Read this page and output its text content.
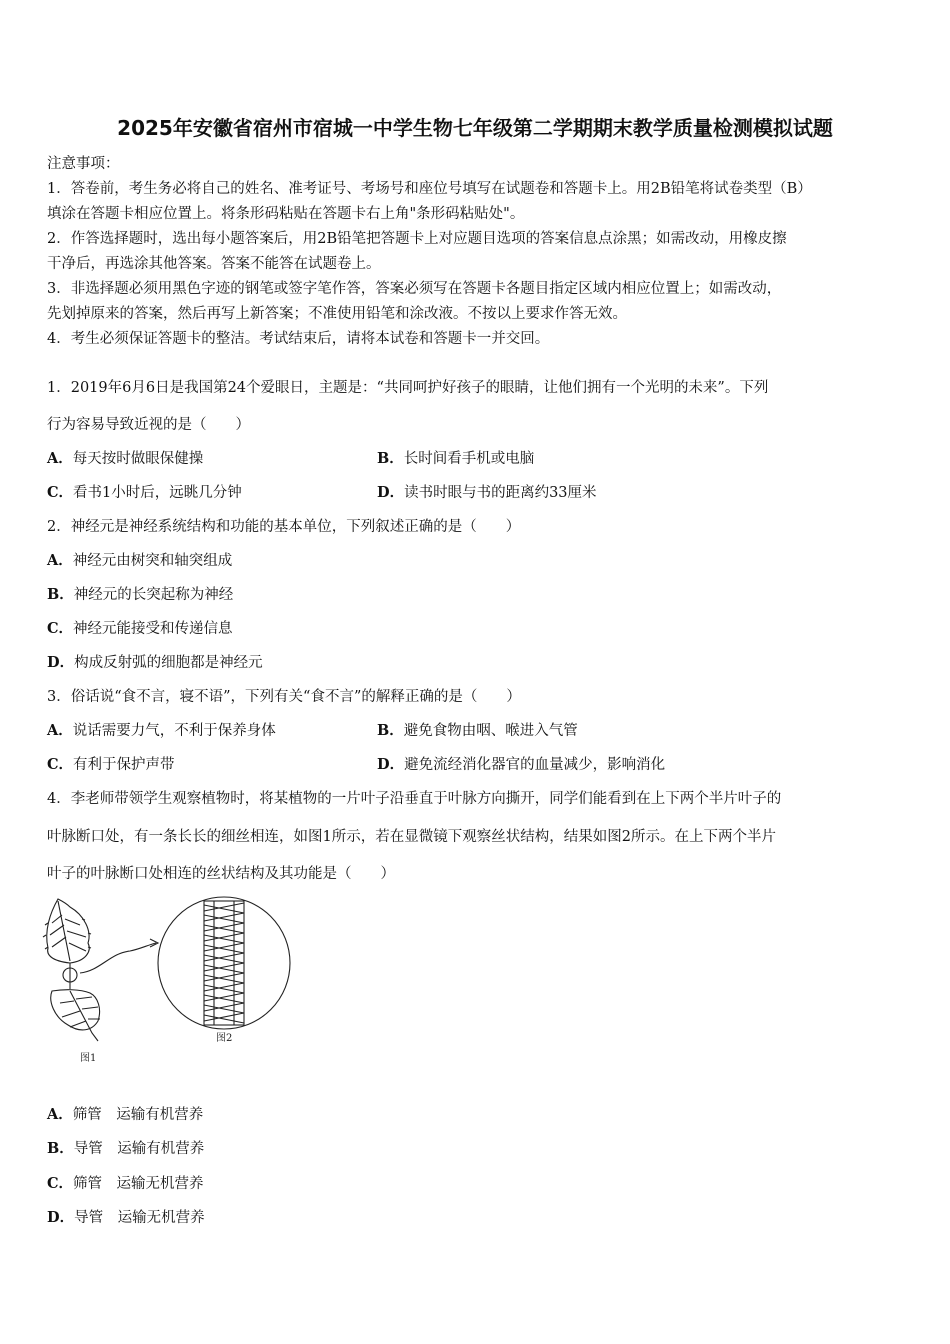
2025年安徽省宿州市宿城一中学生物七年级第二学期期末教学质量检测模拟试题
注意事项：
1．答卷前，考生务必将自己的姓名、准考证号、考场号和座位号填写在试题卷和答题卡上。用2B铅笔将试卷类型（B）
填涂在答题卡相应位置上。将条形码粘贴在答题卡右上角"条形码粘贴处"。
2．作答选择题时，选出每小题答案后，用2B铅笔把答题卡上对应题目选项的答案信息点涂黑；如需改动，用橡皮擦
干净后，再选涂其他答案。答案不能答在试题卷上。
3．非选择题必须用黑色字迹的钢笔或签字笔作答，答案必须写在答题卡各题目指定区域内相应位置上；如需改动，
先划掉原来的答案，然后再写上新答案；不准使用铅笔和涂改液。不按以上要求作答无效。
4．考生必须保证答题卡的整洁。考试结束后，请将本试卷和答题卡一并交回。
1．2019年6月6日是我国第24个爱眼日，主题是：“共同呵护好孩子的眼睛，让他们拥有一个光明的未来”。下列
行为容易导致近视的是（　　）
A．每天按时做眼保健操	B．长时间看手机或电脑
C．看书1小时后，远眺几分钟	D．读书时眼与书的距离约33厘米
2．神经元是神经系统结构和功能的基本单位，下列叙述正确的是（　　）
A．神经元由树突和轴突组成
B．神经元的长突起称为神经
C．神经元能接受和传递信息
D．构成反射弧的细胞都是神经元
3．俗话说“食不言，寝不语”，下列有关“食不言”的解释正确的是（　　）
A．说话需要力气，不利于保养身体	B．避免食物由咽、喉进入气管
C．有利于保护声带	D．避免流经消化器官的血量减少，影响消化
4．李老师带领学生观察植物时，将某植物的一片叶子沿垂直于叶脉方向撕开，同学们能看到在上下两个半片叶子的
叶脉断口处，有一条长长的细丝相连，如图1所示，若在显微镜下观察丝状结构，结果如图2所示。在上下两个半片
叶子的叶脉断口处相连的丝状结构及其功能是（　　）
图1
图2
A．筛管　运输有机营养
B．导管　运输有机营养
C．筛管　运输无机营养
D．导管　运输无机营养
